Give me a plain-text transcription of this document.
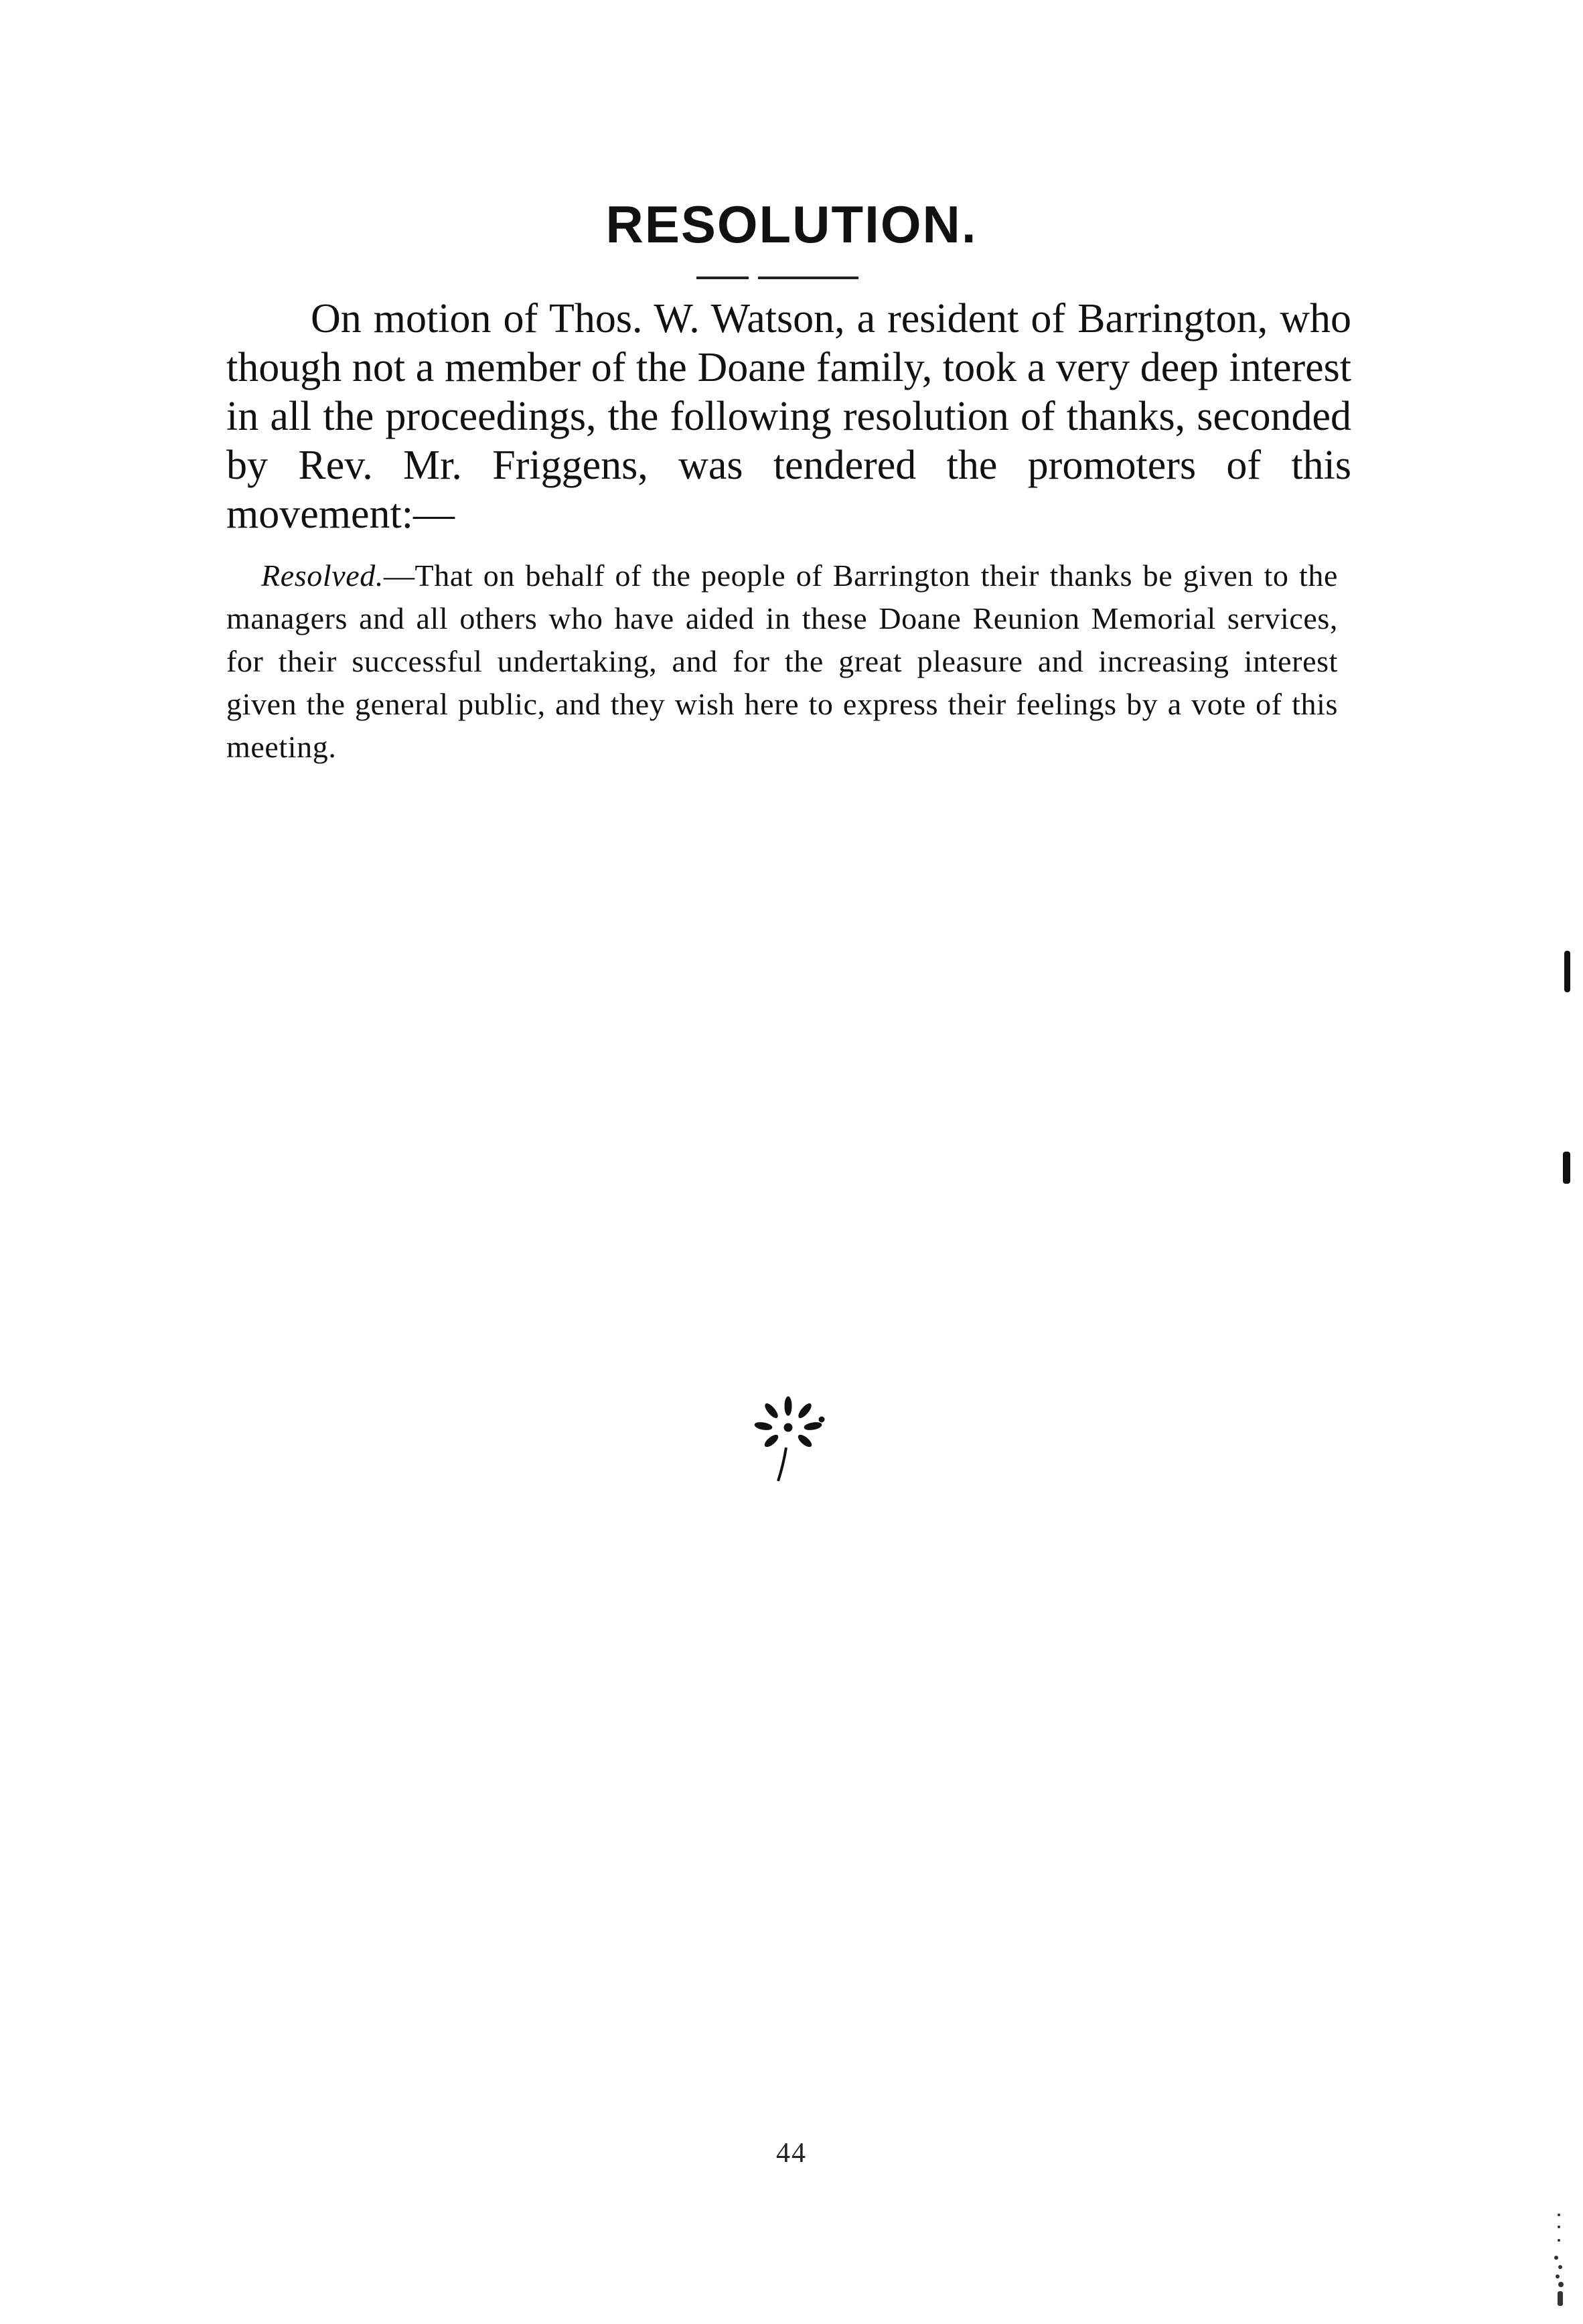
RESOLUTION.

On motion of Thos. W. Watson, a resident of Barrington, who though not a member of the Doane family, took a very deep interest in all the proceedings, the following resolution of thanks, seconded by Rev. Mr. Friggens, was tendered the promoters of this movement:—

Resolved.—That on behalf of the people of Barrington their thanks be given to the managers and all others who have aided in these Doane Reunion Memorial services, for their successful undertaking, and for the great pleasure and increasing interest given the general public, and they wish here to express their feelings by a vote of this meeting.

44
